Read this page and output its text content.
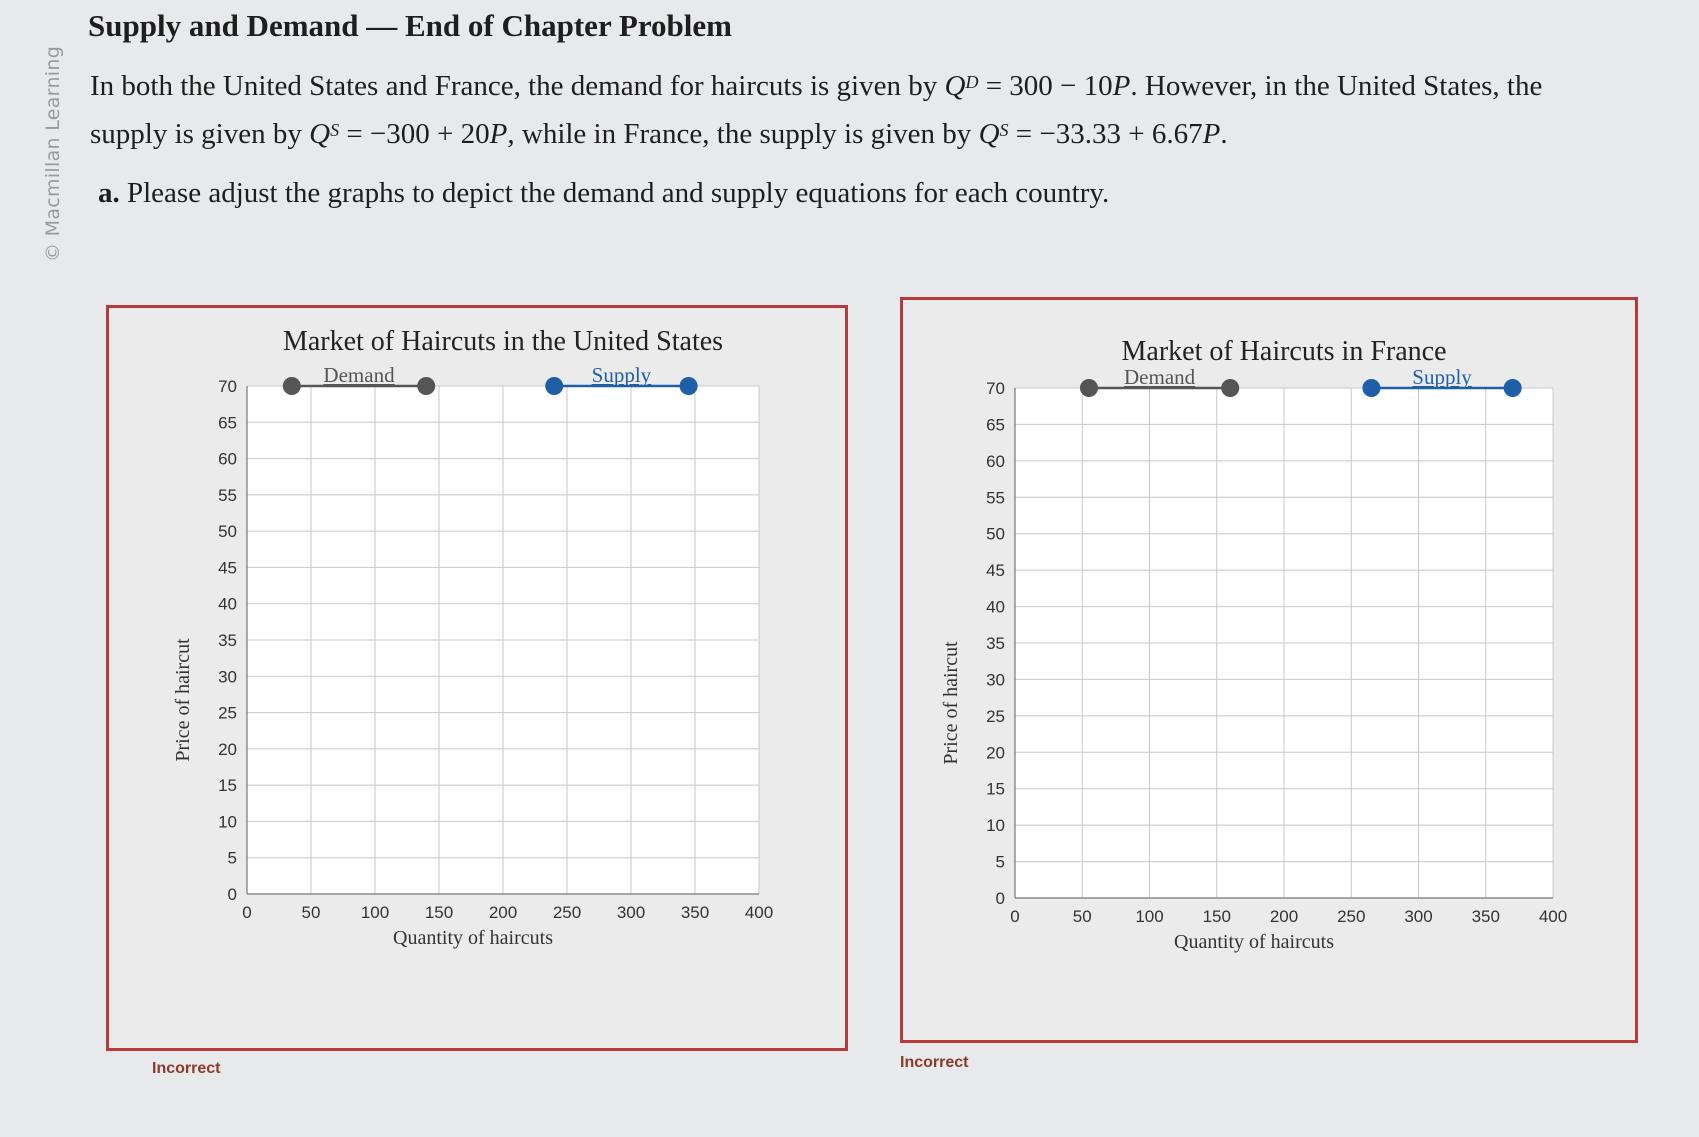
© Macmillan Learning
Supply and Demand — End of Chapter Problem
In both the United States and France, the demand for haircuts is given by $Q^D = 300 - 10P$. However, in the United States, the
supply is given by $Q^S = -300 + 20P$, while in France, the supply is given by $Q^S = -33.33 + 6.67P$.
a. Please adjust the graphs to depict the demand and supply equations for each country.
0	50 100 150 200 250 300 350 400
0
5
10
15
20
25
30
35
40
45
50
55
60
65
70
Market of Haircuts in the United States
Quantity of haircuts
Price of haircut
Demand	Supply
0	50	100 150 200 250 300 350 400
0
5
10
15
20
25
30
35
40
45
50
55
60
65
70
Market of Haircuts in France
Quantity of haircuts
Price of haircut
Demand	Supply
Incorrect	Incorrect
